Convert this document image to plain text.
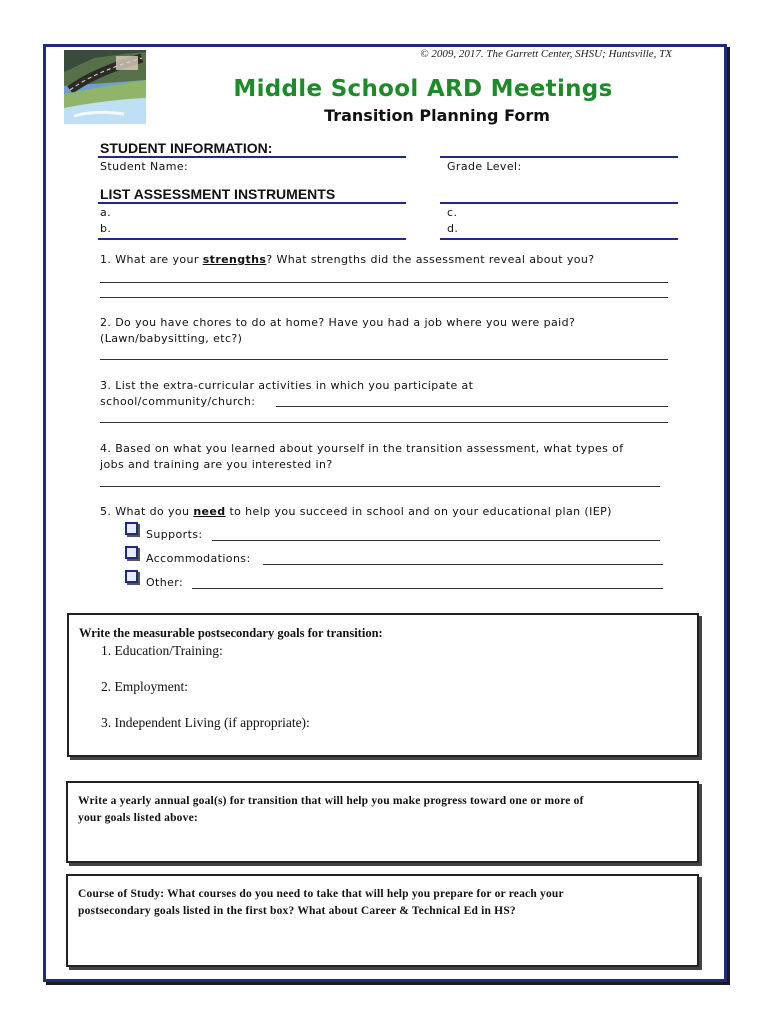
© 2009, 2017. The Garrett Center, SHSU; Huntsville, TX
Middle School ARD Meetings
Transition Planning Form
STUDENT INFORMATION:
Student Name:	Grade Level:
LIST ASSESSMENT INSTRUMENTS
a.
b.
c.
d.
1. What are your strengths? What strengths did the assessment reveal about you?
2. Do you have chores to do at home? Have you had a job where you were paid?
(Lawn/babysitting, etc?)
3. List the extra-curricular activities in which you participate at
school/community/church:
4. Based on what you learned about yourself in the transition assessment, what types of
jobs and training are you interested in?
5. What do you need to help you succeed in school and on your educational plan (IEP)
Supports:
Accommodations:
Other:
Write the measurable postsecondary goals for transition:
1. Education/Training:
2. Employment:
3. Independent Living (if appropriate):
Write a yearly annual goal(s) for transition that will help you make progress toward one or more of
your goals listed above:
Course of Study: What courses do you need to take that will help you prepare for or reach your
postsecondary goals listed in the first box? What about Career & Technical Ed in HS?
